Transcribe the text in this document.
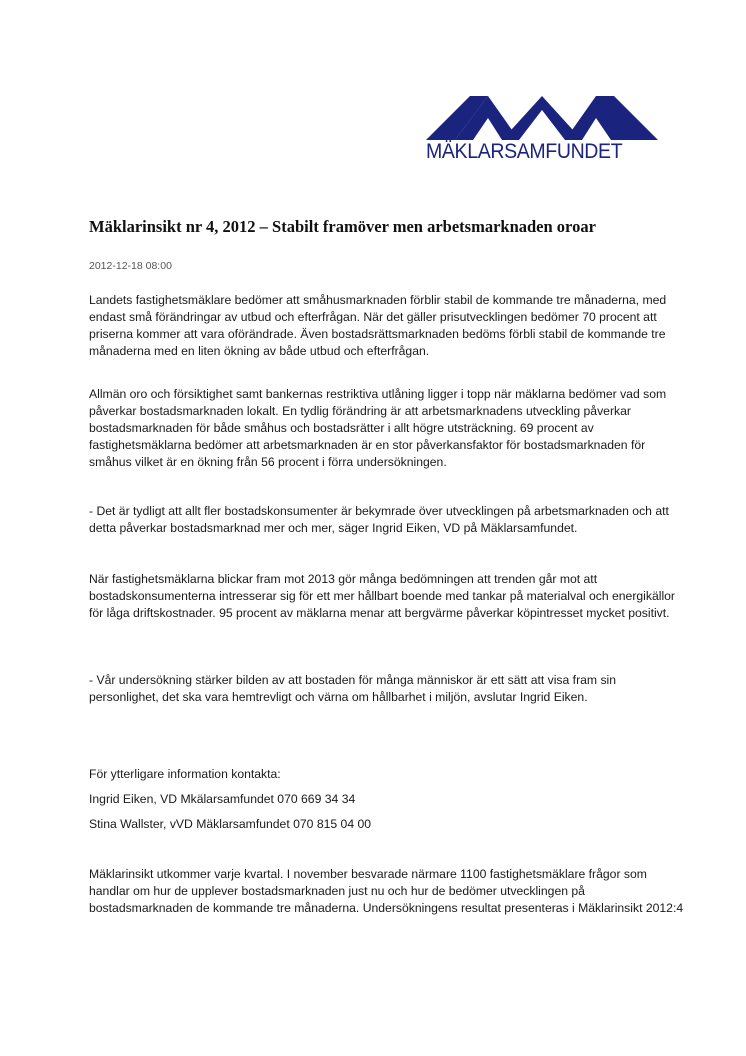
MÄKLARSAMFUNDET
Mäklarinsikt nr 4, 2012 – Stabilt framöver men arbetsmarknaden oroar
2012-12-18 08:00

Landets fastighetsmäklare bedömer att småhusmarknaden förblir stabil de kommande tre månaderna, med endast små förändringar av utbud och efterfrågan. När det gäller prisutvecklingen bedömer 70 procent att priserna kommer att vara oförändrade. Även bostadsrättsmarknaden bedöms förbli stabil de kommande tre månaderna med en liten ökning av både utbud och efterfrågan.

Allmän oro och försiktighet samt bankernas restriktiva utlåning ligger i topp när mäklarna bedömer vad som påverkar bostadsmarknaden lokalt. En tydlig förändring är att arbetsmarknadens utveckling påverkar bostadsmarknaden för både småhus och bostadsrätter i allt högre utsträckning. 69 procent av fastighetsmäklarna bedömer att arbetsmarknaden är en stor påverkansfaktor för bostadsmarknaden för småhus vilket är en ökning från 56 procent i förra undersökningen.

- Det är tydligt att allt fler bostadskonsumenter är bekymrade över utvecklingen på arbetsmarknaden och att detta påverkar bostadsmarknad mer och mer, säger Ingrid Eiken, VD på Mäklarsamfundet.

När fastighetsmäklarna blickar fram mot 2013 gör många bedömningen att trenden går mot att bostadskonsumenterna intresserar sig för ett mer hållbart boende med tankar på materialval och energikällor för låga driftskostnader. 95 procent av mäklarna menar att bergvärme påverkar köpintresset mycket positivt.

- Vår undersökning stärker bilden av att bostaden för många människor är ett sätt att visa fram sin personlighet, det ska vara hemtrevligt och värna om hållbarhet i miljön, avslutar Ingrid Eiken.

För ytterligare information kontakta:

Ingrid Eiken, VD Mkälarsamfundet 070 669 34 34

Stina Wallster, vVD Mäklarsamfundet 070 815 04 00

Mäklarinsikt utkommer varje kvartal. I november besvarade närmare 1100 fastighetsmäklare frågor som handlar om hur de upplever bostadsmarknaden just nu och hur de bedömer utvecklingen på bostadsmarknaden de kommande tre månaderna. Undersökningens resultat presenteras i Mäklarinsikt 2012:4
